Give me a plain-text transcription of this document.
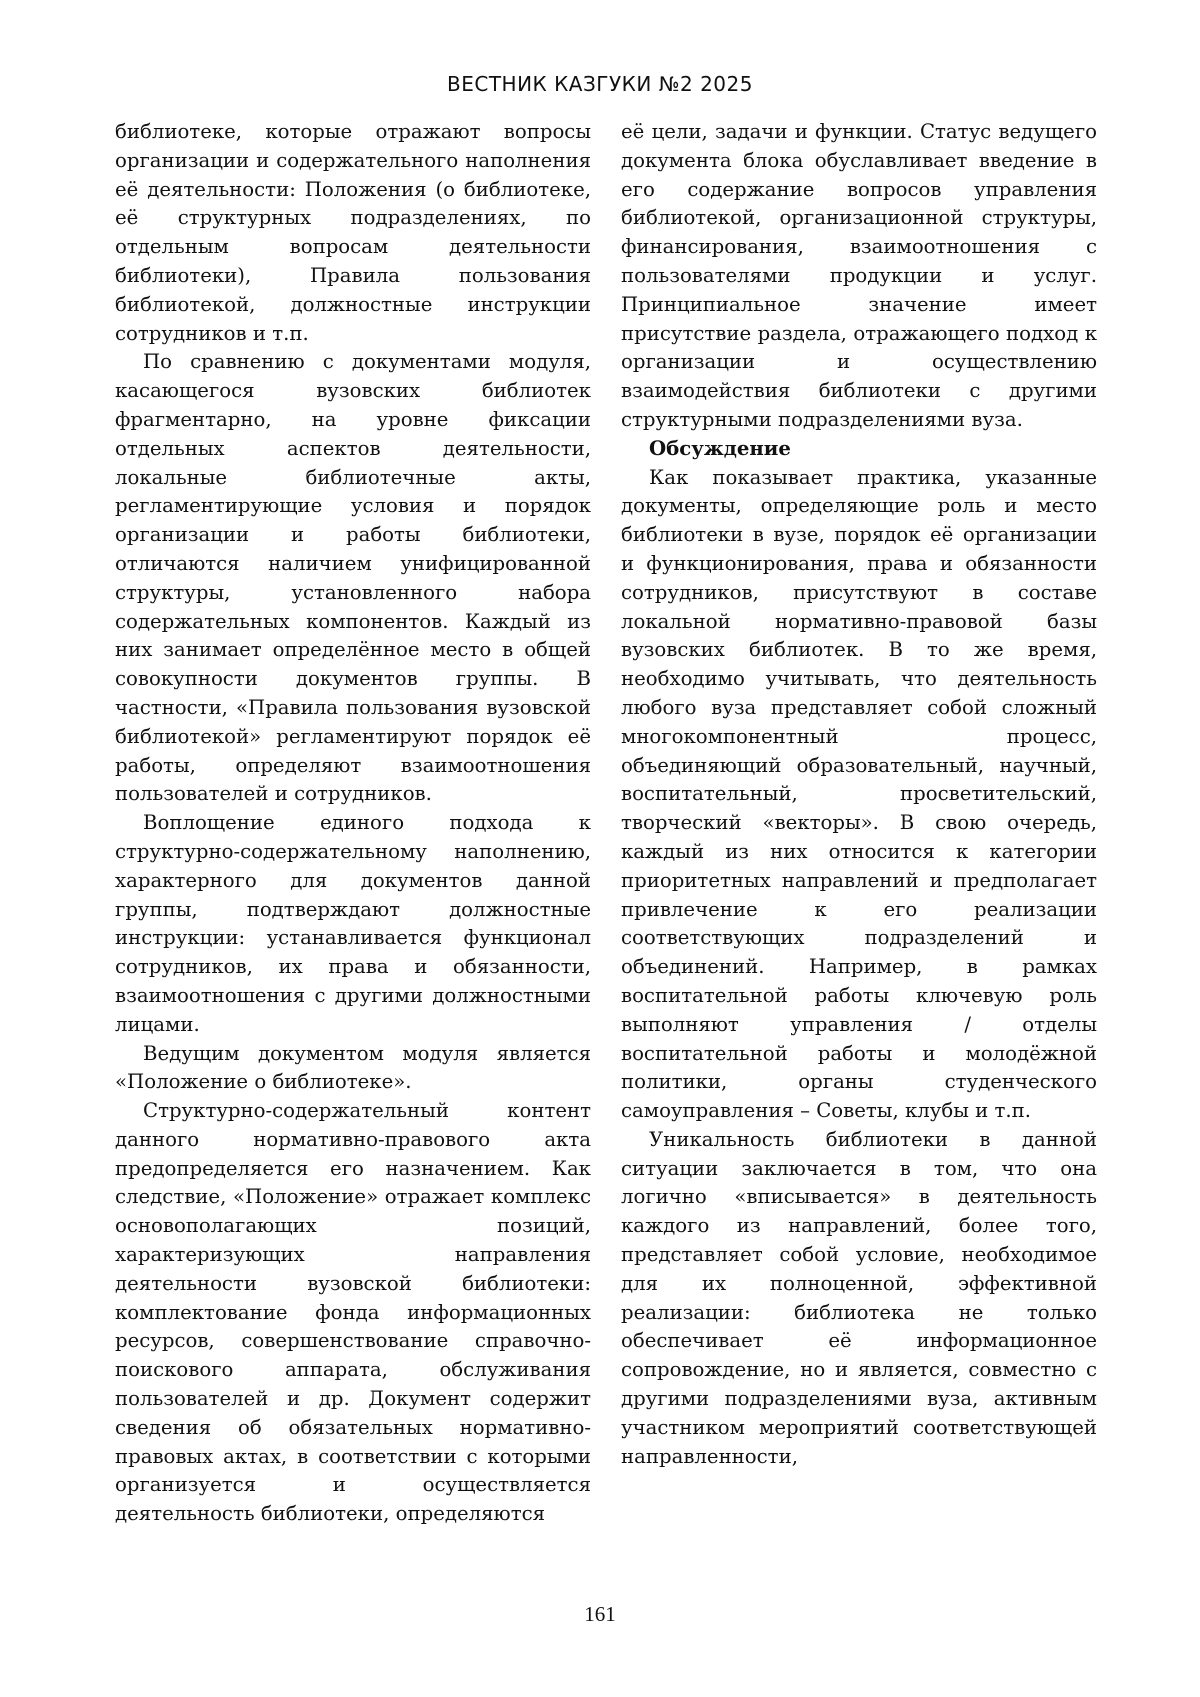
ВЕСТНИК КАЗГУКИ №2 2025

библиотеке, которые отражают вопросы организации и содержательного наполнения её деятельности: Положения (о библиотеке, её структурных подразделениях, по отдельным вопросам деятельности библиотеки), Правила пользования библиотекой, должностные инструкции сотрудников и т.п.

По сравнению с документами модуля, касающегося вузовских библиотек фрагментарно, на уровне фиксации отдельных аспектов деятельности, локальные библиотечные акты, регламентирующие условия и порядок организации и работы библиотеки, отличаются наличием унифицированной структуры, установленного набора содержательных компонентов. Каждый из них занимает определённое место в общей совокупности документов группы. В частности, «Правила пользования вузовской библиотекой» регламентируют порядок её работы, определяют взаимоотношения пользователей и сотрудников.

Воплощение единого подхода к структурно-содержательному наполнению, характерного для документов данной группы, подтверждают должностные инструкции: устанавливается функционал сотрудников, их права и обязанности, взаимоотношения с другими должностными лицами.

Ведущим документом модуля является «Положение о библиотеке».

Структурно-содержательный контент данного нормативно-правового акта предопределяется его назначением. Как следствие, «Положение» отражает комплекс основополагающих позиций, характеризующих направления деятельности вузовской библиотеки: комплектование фонда информационных ресурсов, совершенствование справочно-поискового аппарата, обслуживания пользователей и др. Документ содержит сведения об обязательных нормативно-правовых актах, в соответствии с которыми организуется и осуществляется деятельность библиотеки, определяются

её цели, задачи и функции. Статус ведущего документа блока обуславливает введение в его содержание вопросов управления библиотекой, организационной структуры, финансирования, взаимоотношения с пользователями продукции и услуг. Принципиальное значение имеет присутствие раздела, отражающего подход к организации и осуществлению взаимодействия библиотеки с другими структурными подразделениями вуза.

Обсуждение

Как показывает практика, указанные документы, определяющие роль и место библиотеки в вузе, порядок её организации и функционирования, права и обязанности сотрудников, присутствуют в составе локальной нормативно-правовой базы вузовских библиотек. В то же время, необходимо учитывать, что деятельность любого вуза представляет собой сложный многокомпонентный процесс, объединяющий образовательный, научный, воспитательный, просветительский, творческий «векторы». В свою очередь, каждый из них относится к категории приоритетных направлений и предполагает привлечение к его реализации соответствующих подразделений и объединений. Например, в рамках воспитательной работы ключевую роль выполняют управления / отделы воспитательной работы и молодёжной политики, органы студенческого самоуправления – Советы, клубы и т.п.

Уникальность библиотеки в данной ситуации заключается в том, что она логично «вписывается» в деятельность каждого из направлений, более того, представляет собой условие, необходимое для их полноценной, эффективной реализации: библиотека не только обеспечивает её информационное сопровождение, но и является, совместно с другими подразделениями вуза, активным участником мероприятий соответствующей направленности,

161
